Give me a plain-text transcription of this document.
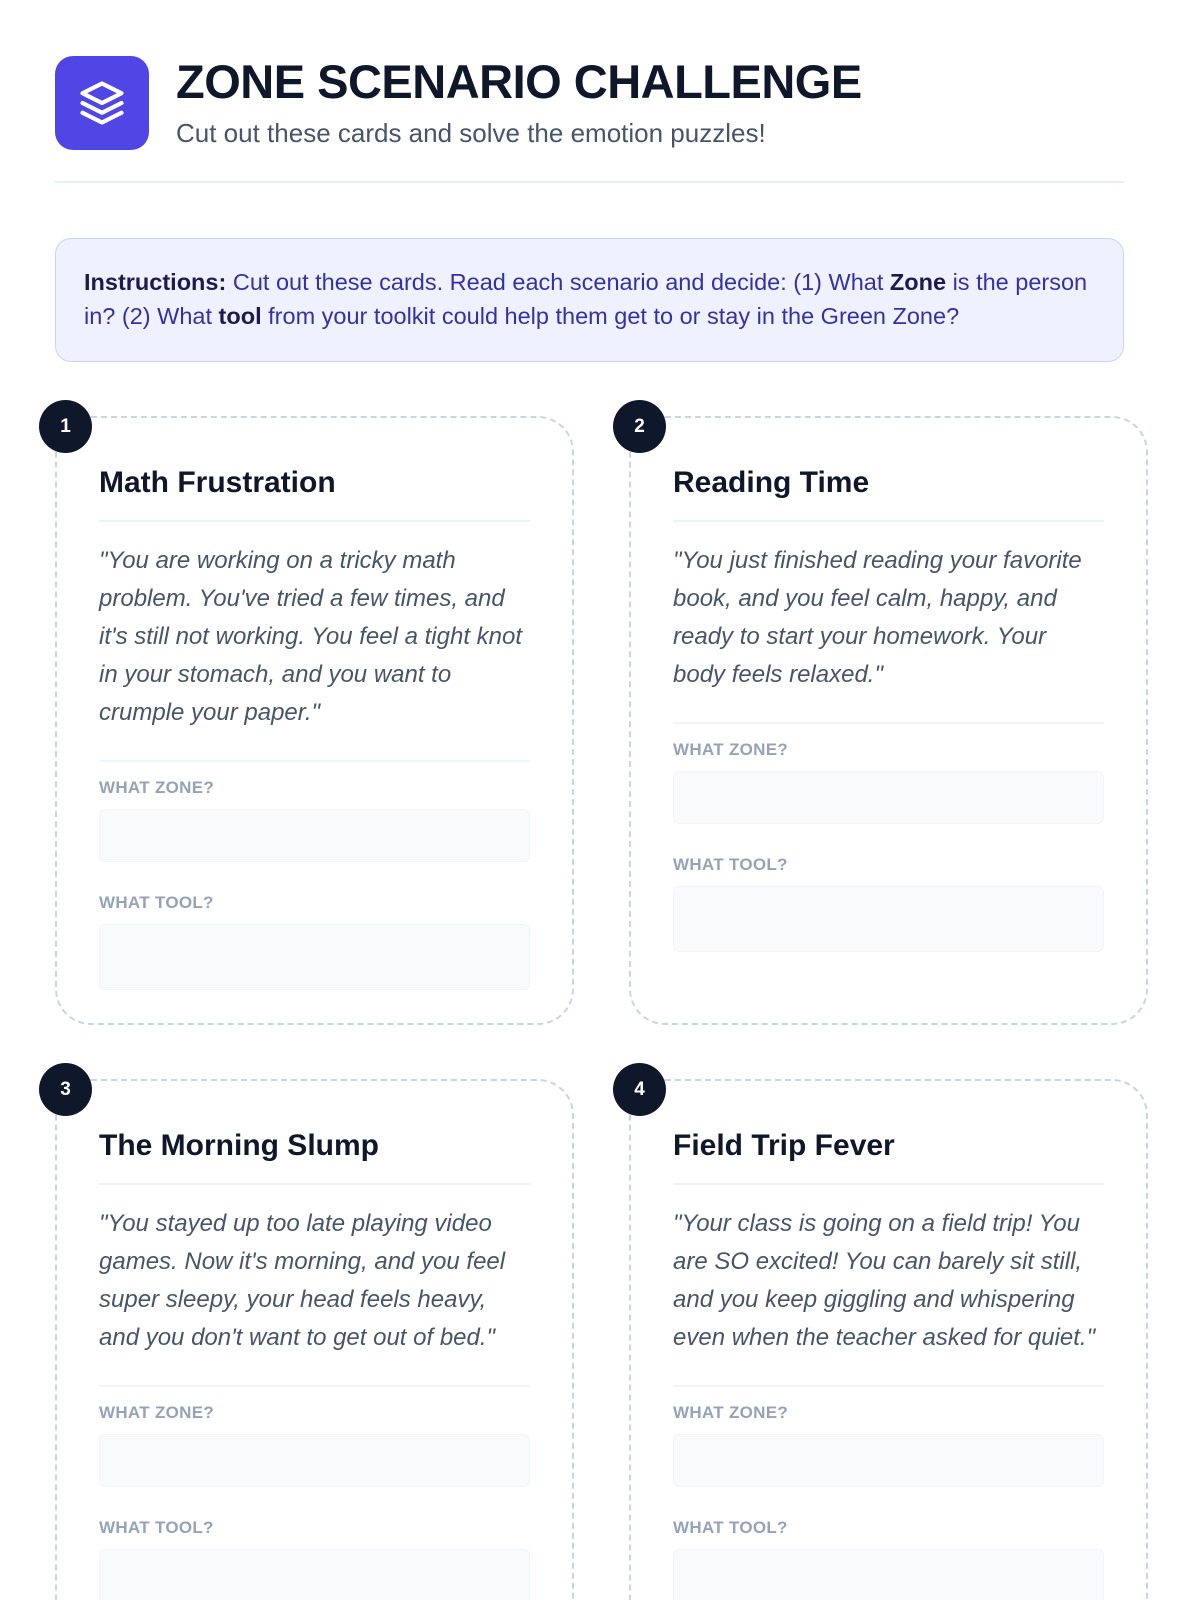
ZONE SCENARIO CHALLENGE
Cut out these cards and solve the emotion puzzles!
Instructions: Cut out these cards. Read each scenario and decide: (1) What Zone is the person in? (2) What tool from your toolkit could help them get to or stay in the Green Zone?
1
Math Frustration
"You are working on a tricky math problem. You've tried a few times, and it's still not working. You feel a tight knot in your stomach, and you want to crumple your paper."
WHAT ZONE?
WHAT TOOL?
2
Reading Time
"You just finished reading your favorite book, and you feel calm, happy, and ready to start your homework. Your body feels relaxed."
WHAT ZONE?
WHAT TOOL?
3
The Morning Slump
"You stayed up too late playing video games. Now it's morning, and you feel super sleepy, your head feels heavy, and you don't want to get out of bed."
WHAT ZONE?
WHAT TOOL?
4
Field Trip Fever
"Your class is going on a field trip! You are SO excited! You can barely sit still, and you keep giggling and whispering even when the teacher asked for quiet."
WHAT ZONE?
WHAT TOOL?
